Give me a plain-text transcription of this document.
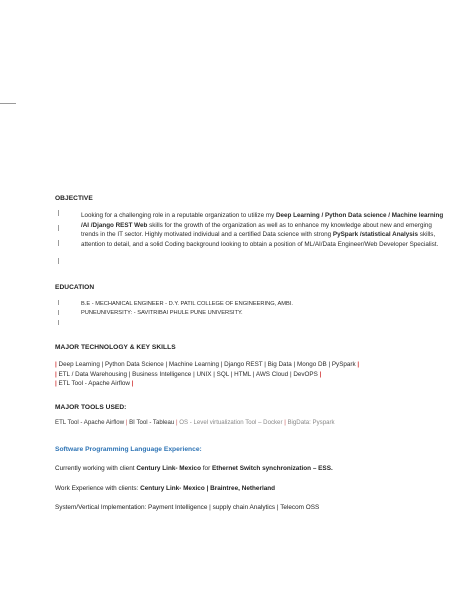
OBJECTIVE
Looking for a challenging role in a reputable organization to utilize my Deep Learning / Python Data science / Machine learning /AI /Django REST Web skills for the growth of the organization as well as to enhance my knowledge about new and emerging trends in the IT sector. Highly motivated individual and a certified Data science with strong PySpark /statistical Analysis skills, attention to detail, and a solid Coding background looking to obtain a position of ML/AI/Data Engineer/Web Developer Specialist.
EDUCATION
B.E - MECHANICAL ENGINEER - D.Y. PATIL COLLEGE OF ENGINEERING, AMBI.
PUNEUNIVERSITY: - SAVITRIBAI PHULE PUNE UNIVERSITY.
MAJOR TECHNOLOGY & KEY SKILLS
| Deep Learning | Python Data Science | Machine Learning | Django REST | Big Data | Mongo DB | PySpark |
| ETL / Data Warehousing | Business Intelligence | UNIX | SQL | HTML | AWS Cloud | DevOPS |
| ETL Tool - Apache Airflow |
MAJOR TOOLS USED:
ETL Tool - Apache Airflow | BI Tool - Tableau | OS - Level virtualization Tool – Docker | BigData: Pyspark
Software Programming Language Experience:
Currently working with client Century Link- Mexico for Ethernet Switch synchronization – ESS.
Work Experience with clients: Century Link- Mexico | Braintree, Netherland
System/Vertical Implementation: Payment Intelligence | supply chain Analytics | Telecom OSS
